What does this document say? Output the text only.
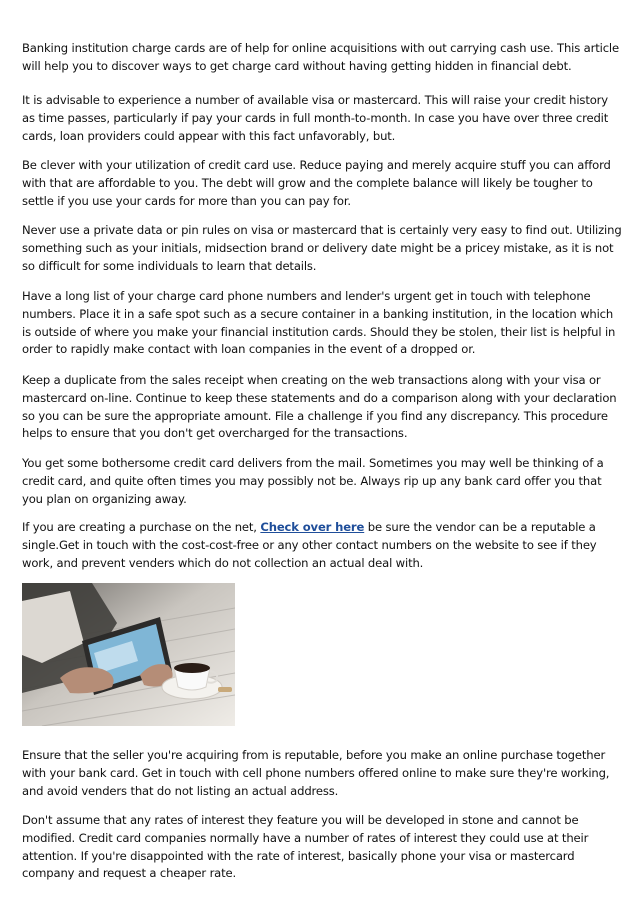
Banking institution charge cards are of help for online acquisitions with out carrying cash use. This article will help you to discover ways to get charge card without having getting hidden in financial debt.

It is advisable to experience a number of available visa or mastercard. This will raise your credit history as time passes, particularly if pay your cards in full month-to-month. In case you have over three credit cards, loan providers could appear with this fact unfavorably, but.

Be clever with your utilization of credit card use. Reduce paying and merely acquire stuff you can afford with that are affordable to you. The debt will grow and the complete balance will likely be tougher to settle if you use your cards for more than you can pay for.

Never use a private data or pin rules on visa or mastercard that is certainly very easy to find out. Utilizing something such as your initials, midsection brand or delivery date might be a pricey mistake, as it is not so difficult for some individuals to learn that details.

Have a long list of your charge card phone numbers and lender's urgent get in touch with telephone numbers. Place it in a safe spot such as a secure container in a banking institution, in the location which is outside of where you make your financial institution cards. Should they be stolen, their list is helpful in order to rapidly make contact with loan companies in the event of a dropped or.

Keep a duplicate from the sales receipt when creating on the web transactions along with your visa or mastercard on-line. Continue to keep these statements and do a comparison along with your declaration so you can be sure the appropriate amount. File a challenge if you find any discrepancy. This procedure helps to ensure that you don't get overcharged for the transactions.

You get some bothersome credit card delivers from the mail. Sometimes you may well be thinking of a credit card, and quite often times you may possibly not be. Always rip up any bank card offer you that you plan on organizing away.

If you are creating a purchase on the net, Check over here be sure the vendor can be a reputable a single.Get in touch with the cost-cost-free or any other contact numbers on the website to see if they work, and prevent venders which do not collection an actual deal with.

Ensure that the seller you're acquiring from is reputable, before you make an online purchase together with your bank card. Get in touch with cell phone numbers offered online to make sure they're working, and avoid venders that do not listing an actual address.

Don't assume that any rates of interest they feature you will be developed in stone and cannot be modified. Credit card companies normally have a number of rates of interest they could use at their attention. If you're disappointed with the rate of interest, basically phone your visa or mastercard company and request a cheaper rate.
